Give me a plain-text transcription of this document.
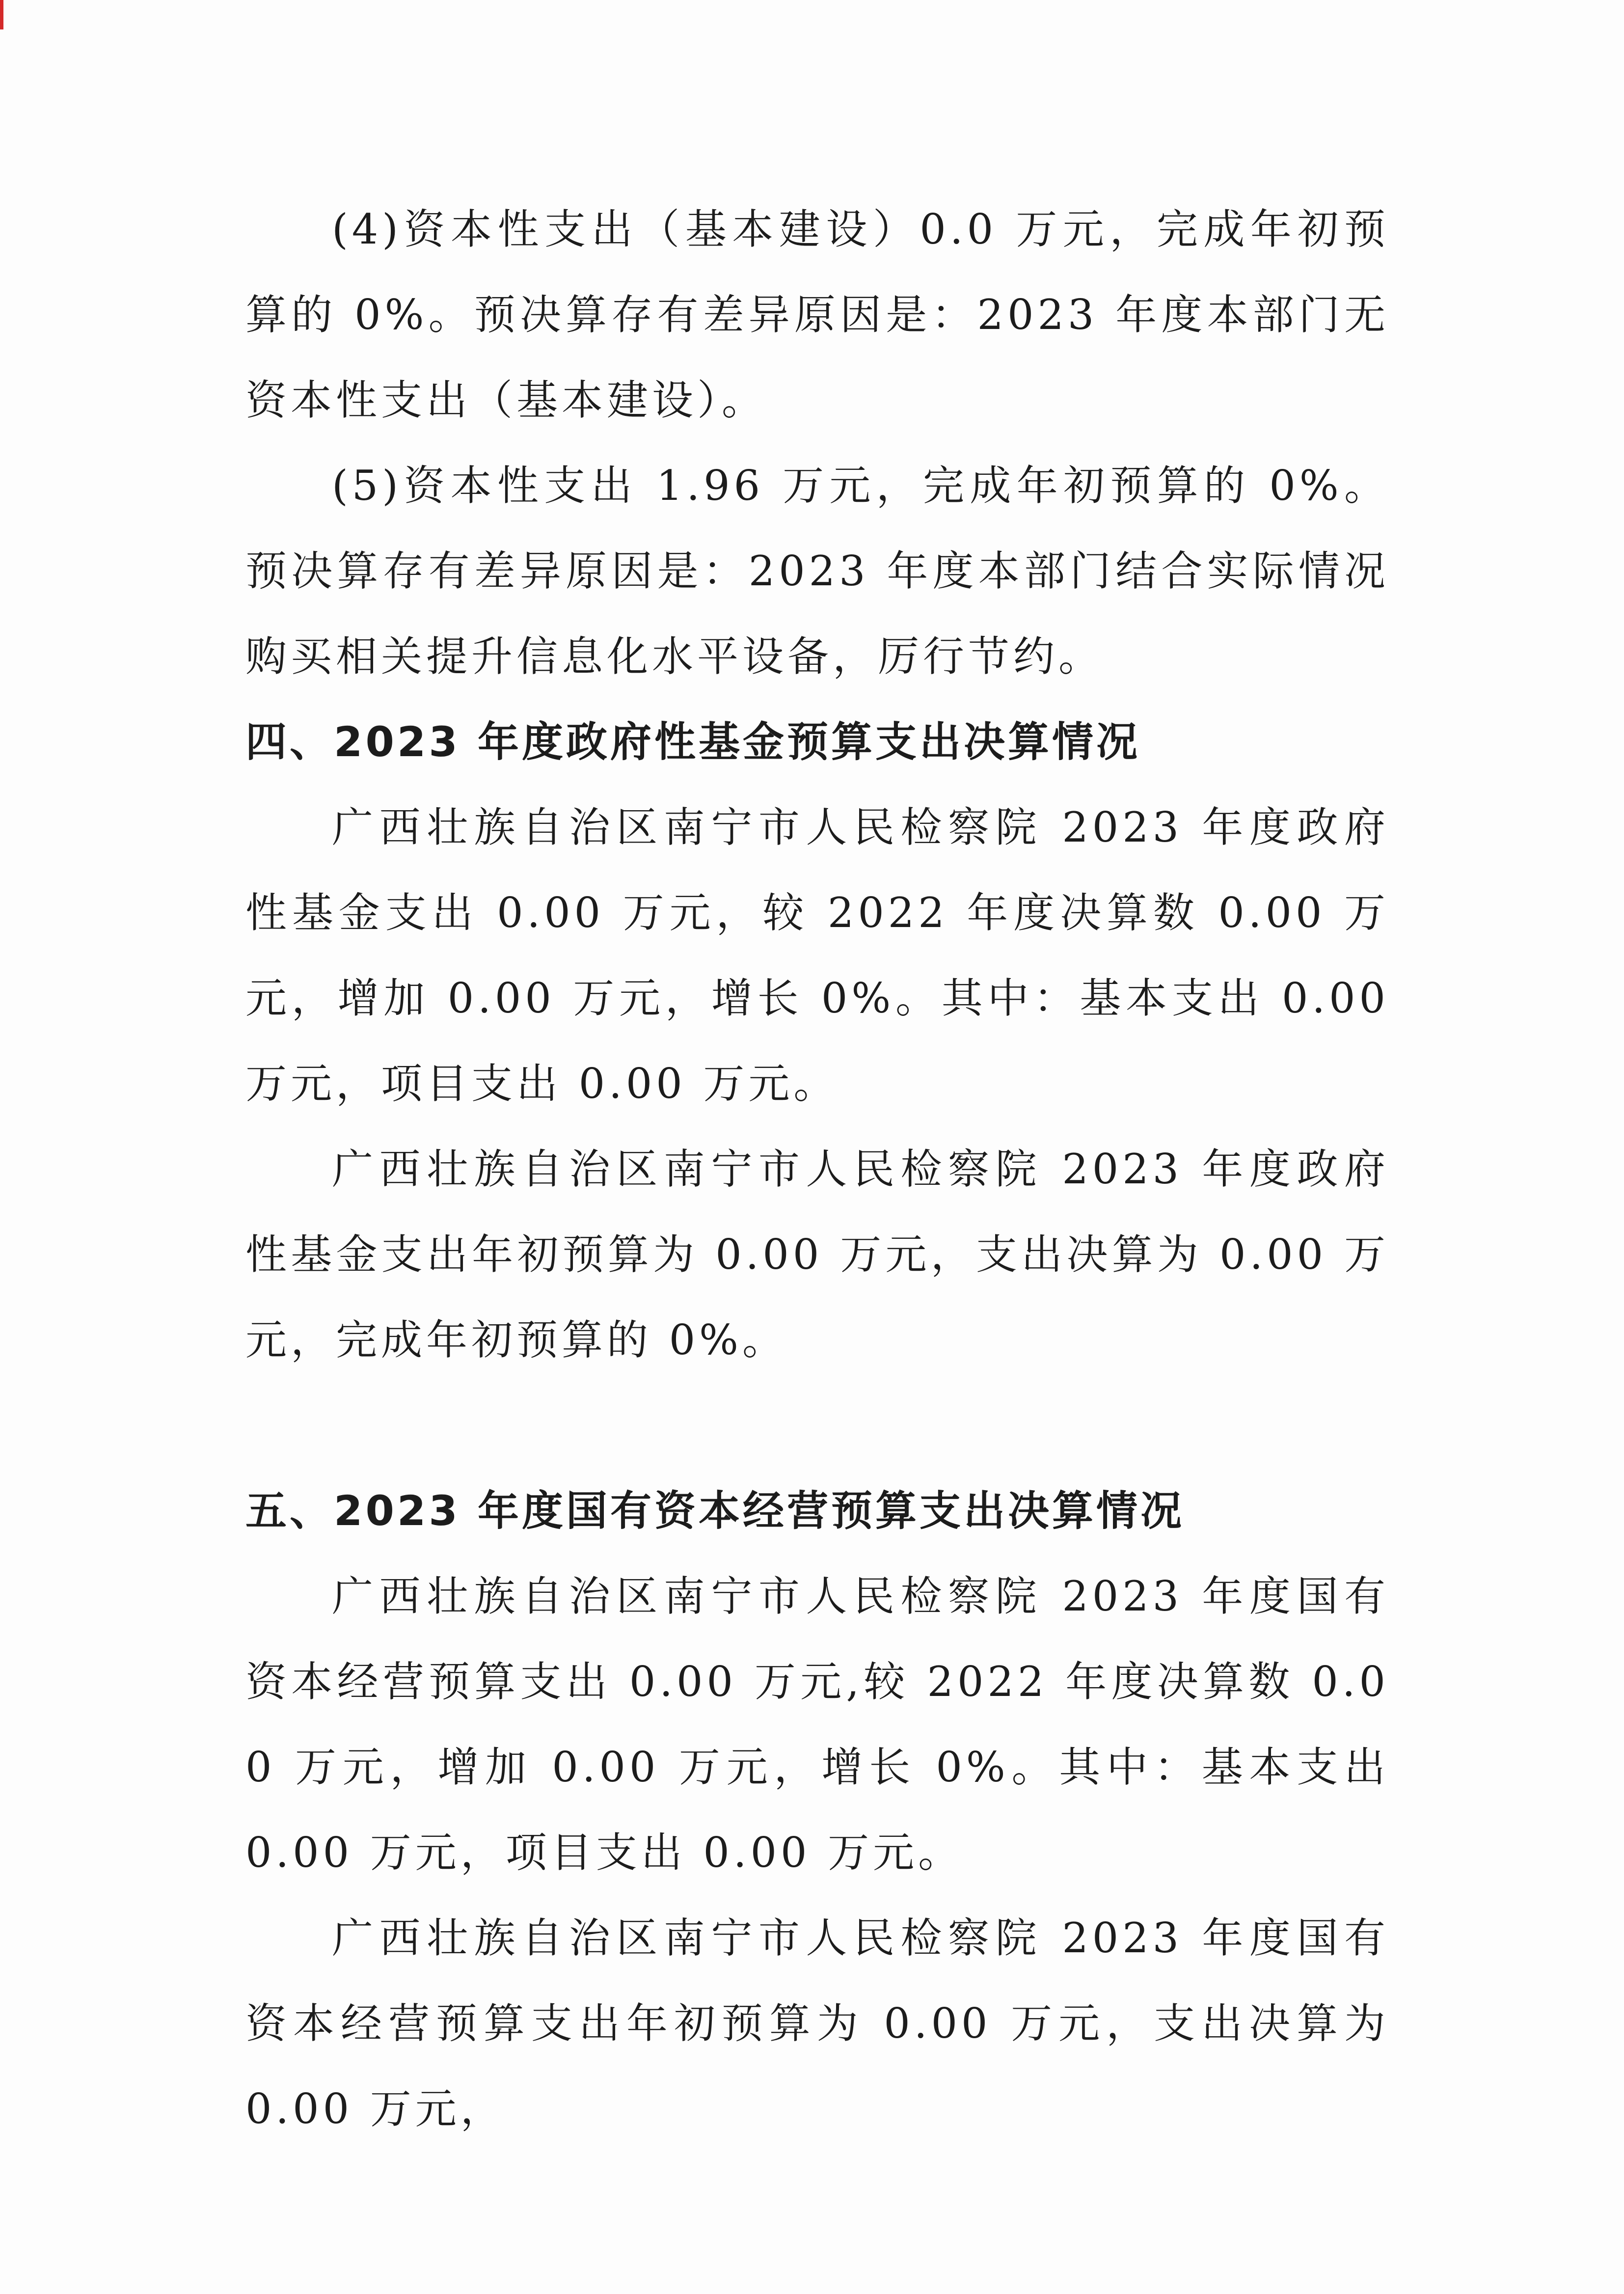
(4)资本性支出（基本建设）0.0 万元，完成年初预算的 0%。预决算存有差异原因是：2023 年度本部门无资本性支出（基本建设）。

(5)资本性支出 1.96 万元，完成年初预算的 0%。预决算存有差异原因是：2023 年度本部门结合实际情况购买相关提升信息化水平设备，厉行节约。

四、2023 年度政府性基金预算支出决算情况

广西壮族自治区南宁市人民检察院 2023 年度政府性基金支出 0.00 万元，较 2022 年度决算数 0.00 万元，增加 0.00 万元，增长 0%。其中：基本支出 0.00 万元，项目支出 0.00 万元。

广西壮族自治区南宁市人民检察院 2023 年度政府性基金支出年初预算为 0.00 万元，支出决算为 0.00 万元，完成年初预算的 0%。

五、2023 年度国有资本经营预算支出决算情况

广西壮族自治区南宁市人民检察院 2023 年度国有资本经营预算支出 0.00 万元,较 2022 年度决算数 0.00 万元，增加 0.00 万元，增长 0%。其中：基本支出 0.00 万元，项目支出 0.00 万元。

广西壮族自治区南宁市人民检察院 2023 年度国有资本经营预算支出年初预算为 0.00 万元，支出决算为 0.00 万元，
